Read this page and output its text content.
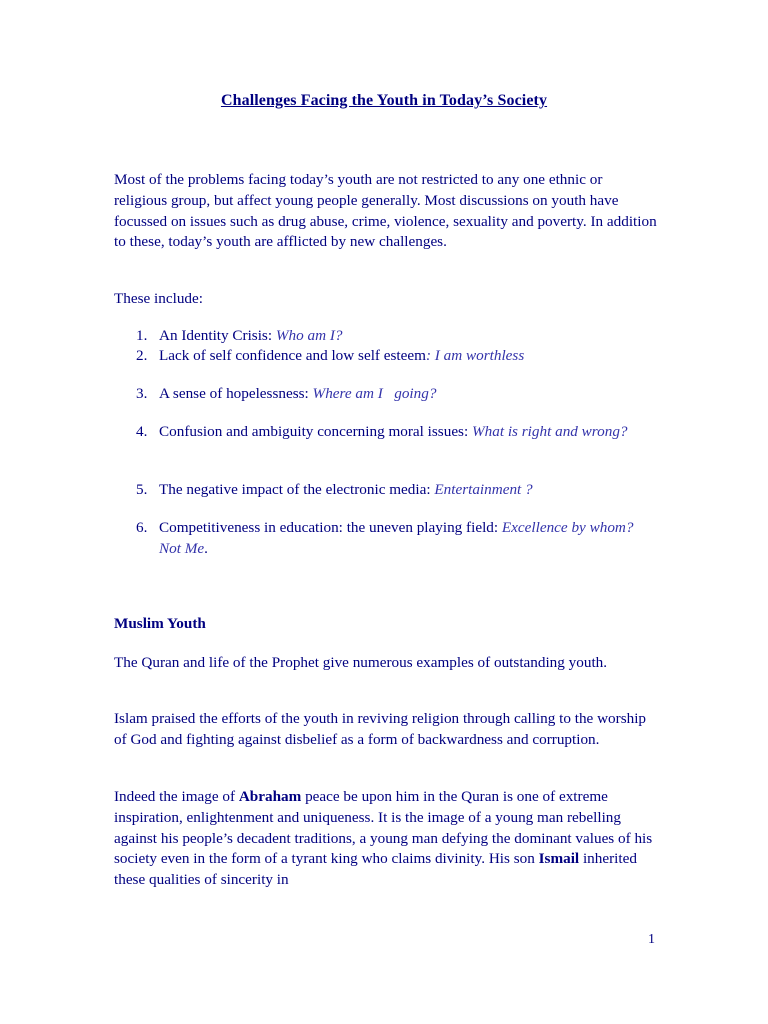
Challenges Facing the Youth in Today’s Society
Most of the problems facing today’s youth are not restricted to any one ethnic or religious group, but affect young people generally. Most discussions on youth have focussed on issues such as drug abuse, crime, violence, sexuality and poverty. In addition to these, today’s youth are afflicted by new challenges.
These include:
1. An Identity Crisis: Who am I?
2. Lack of self confidence and low self esteem: I am worthless
3. A sense of hopelessness: Where am I   going?
4. Confusion and ambiguity concerning moral issues: What is right and wrong?
5. The negative impact of the electronic media: Entertainment ?
6. Competitiveness in education: the uneven playing field: Excellence by whom? Not Me.
Muslim Youth
The Quran and life of the Prophet give numerous examples of outstanding youth.
Islam praised the efforts of the youth in reviving religion through calling to the worship of God and fighting against disbelief as a form of backwardness and corruption.
Indeed the image of Abraham peace be upon him in the Quran is one of extreme inspiration, enlightenment and uniqueness. It is the image of a young man rebelling against his people’s decadent traditions, a young man defying the dominant values of his society even in the form of a tyrant king who claims divinity. His son Ismail inherited these qualities of sincerity in
1
